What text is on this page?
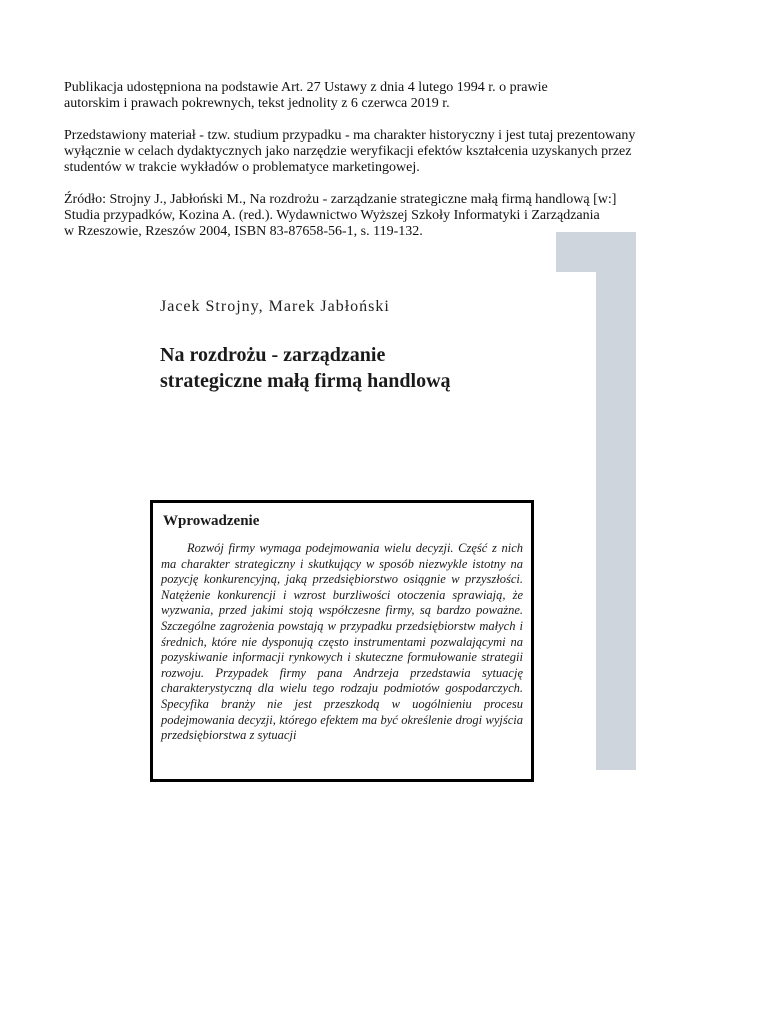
Publikacja udostępniona na podstawie Art. 27 Ustawy z dnia 4 lutego 1994 r. o prawie
autorskim i prawach pokrewnych, tekst jednolity z 6 czerwca 2019 r.

Przedstawiony materiał - tzw. studium przypadku - ma charakter historyczny i jest tutaj prezentowany
wyłącznie w celach dydaktycznych jako narzędzie weryfikacji efektów kształcenia uzyskanych przez
studentów w trakcie wykładów o problematyce marketingowej.

Źródło: Strojny J., Jabłoński M., Na rozdrożu - zarządzanie strategiczne małą firmą handlową [w:]
Studia przypadków, Kozina A. (red.). Wydawnictwo Wyższej Szkoły Informatyki i Zarządzania
w Rzeszowie, Rzeszów 2004, ISBN 83-87658-56-1, s. 119-132.

Jacek Strojny, Marek Jabłoński
Na rozdrożu - zarządzanie
strategiczne małą firmą handlową
Wprowadzenie

Rozwój firmy wymaga podejmowania wielu decyzji. Część z nich ma charakter strategiczny i skutkujący w sposób niezwykle istotny na pozycję konkurencyjną, jaką przedsiębiorstwo osiągnie w przyszłości. Natężenie konkurencji i wzrost burzliwości otoczenia sprawiają, że wyzwania, przed jakimi stoją współczesne firmy, są bardzo poważne. Szczególne zagrożenia powstają w przypadku przedsiębiorstw małych i średnich, które nie dysponują często instrumentami pozwalającymi na pozyskiwanie informacji rynkowych i skuteczne formułowanie strategii rozwoju. Przypadek firmy pana Andrzeja przedstawia sytuację charakterystyczną dla wielu tego rodzaju podmiotów gospodarczych. Specyfika branży nie jest przeszkodą w uogólnieniu procesu podejmowania decyzji, którego efektem ma być określenie drogi wyjścia przedsiębiorstwa z sytuacji
